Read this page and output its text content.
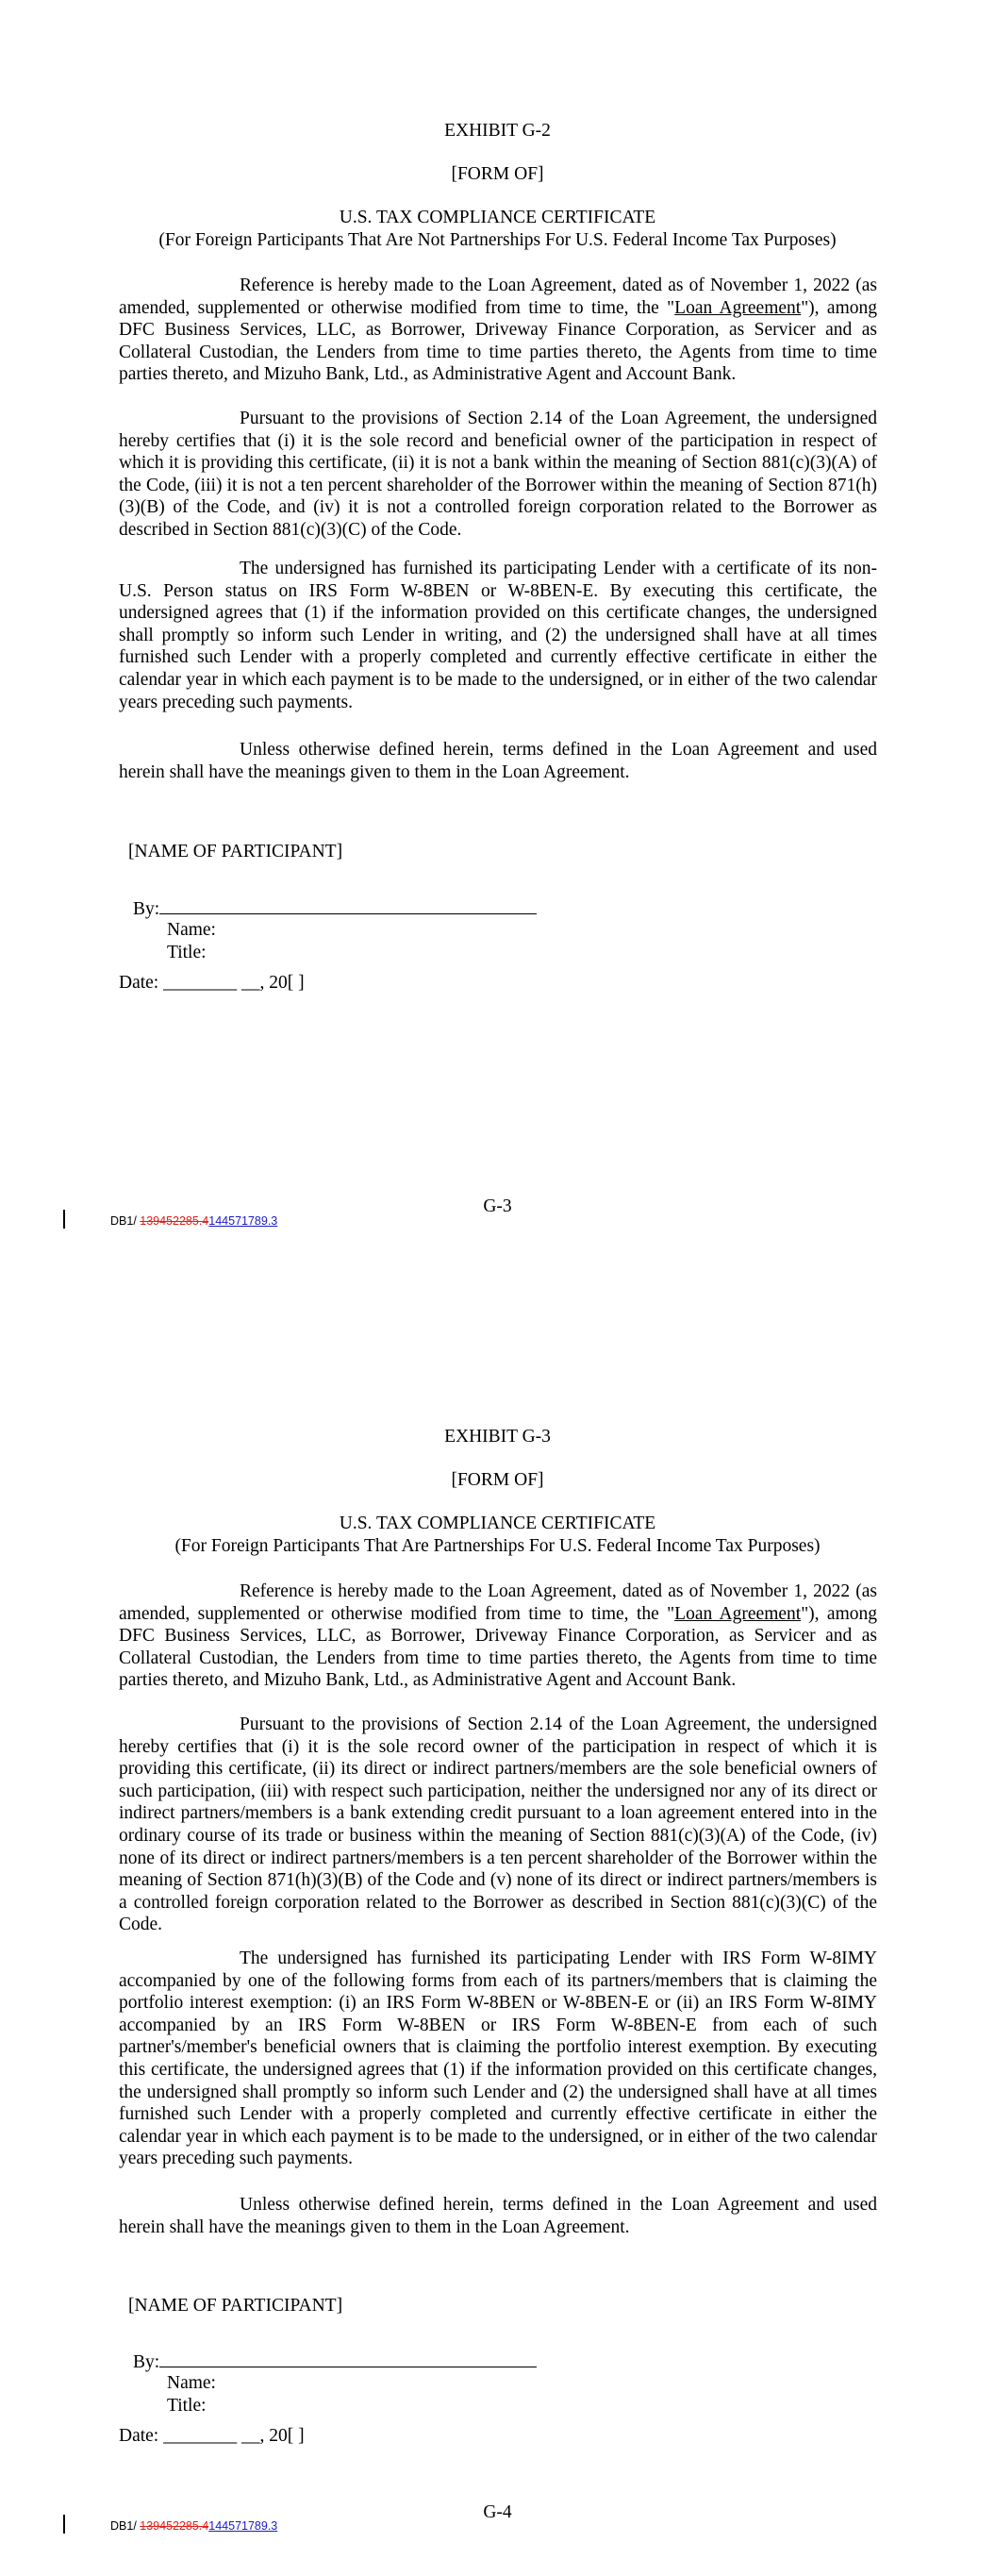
EXHIBIT G-2
[FORM OF]
U.S. TAX COMPLIANCE CERTIFICATE
(For Foreign Participants That Are Not Partnerships For U.S. Federal Income Tax Purposes)

Reference is hereby made to the Loan Agreement, dated as of November 1, 2022 (as amended, supplemented or otherwise modified from time to time, the "Loan Agreement"), among DFC Business Services, LLC, as Borrower, Driveway Finance Corporation, as Servicer and as Collateral Custodian, the Lenders from time to time parties thereto, the Agents from time to time parties thereto, and Mizuho Bank, Ltd., as Administrative Agent and Account Bank.

Pursuant to the provisions of Section 2.14 of the Loan Agreement, the undersigned hereby certifies that (i) it is the sole record and beneficial owner of the participation in respect of which it is providing this certificate, (ii) it is not a bank within the meaning of Section 881(c)(3)(A) of the Code, (iii) it is not a ten percent shareholder of the Borrower within the meaning of Section 871(h)(3)(B) of the Code, and (iv) it is not a controlled foreign corporation related to the Borrower as described in Section 881(c)(3)(C) of the Code.

The undersigned has furnished its participating Lender with a certificate of its non-U.S. Person status on IRS Form W-8BEN or W-8BEN-E. By executing this certificate, the undersigned agrees that (1) if the information provided on this certificate changes, the undersigned shall promptly so inform such Lender in writing, and (2) the undersigned shall have at all times furnished such Lender with a properly completed and currently effective certificate in either the calendar year in which each payment is to be made to the undersigned, or in either of the two calendar years preceding such payments.

Unless otherwise defined herein, terms defined in the Loan Agreement and used herein shall have the meanings given to them in the Loan Agreement.

[NAME OF PARTICIPANT]
By:
Name:
Title:
Date: ________ __, 20[ ]
G-3
DB1/ 139452285.4144571789.3
EXHIBIT G-3
[FORM OF]
U.S. TAX COMPLIANCE CERTIFICATE
(For Foreign Participants That Are Partnerships For U.S. Federal Income Tax Purposes)

Reference is hereby made to the Loan Agreement, dated as of November 1, 2022 (as amended, supplemented or otherwise modified from time to time, the "Loan Agreement"), among DFC Business Services, LLC, as Borrower, Driveway Finance Corporation, as Servicer and as Collateral Custodian, the Lenders from time to time parties thereto, the Agents from time to time parties thereto, and Mizuho Bank, Ltd., as Administrative Agent and Account Bank.

Pursuant to the provisions of Section 2.14 of the Loan Agreement, the undersigned hereby certifies that (i) it is the sole record owner of the participation in respect of which it is providing this certificate, (ii) its direct or indirect partners/members are the sole beneficial owners of such participation, (iii) with respect such participation, neither the undersigned nor any of its direct or indirect partners/members is a bank extending credit pursuant to a loan agreement entered into in the ordinary course of its trade or business within the meaning of Section 881(c)(3)(A) of the Code, (iv) none of its direct or indirect partners/members is a ten percent shareholder of the Borrower within the meaning of Section 871(h)(3)(B) of the Code and (v) none of its direct or indirect partners/members is a controlled foreign corporation related to the Borrower as described in Section 881(c)(3)(C) of the Code.

The undersigned has furnished its participating Lender with IRS Form W-8IMY accompanied by one of the following forms from each of its partners/members that is claiming the portfolio interest exemption: (i) an IRS Form W-8BEN or W-8BEN-E or (ii) an IRS Form W-8IMY accompanied by an IRS Form W-8BEN or IRS Form W-8BEN-E from each of such partner's/member's beneficial owners that is claiming the portfolio interest exemption. By executing this certificate, the undersigned agrees that (1) if the information provided on this certificate changes, the undersigned shall promptly so inform such Lender and (2) the undersigned shall have at all times furnished such Lender with a properly completed and currently effective certificate in either the calendar year in which each payment is to be made to the undersigned, or in either of the two calendar years preceding such payments.

Unless otherwise defined herein, terms defined in the Loan Agreement and used herein shall have the meanings given to them in the Loan Agreement.

[NAME OF PARTICIPANT]
By:
Name:
Title:
Date: ________ __, 20[ ]
G-4
DB1/ 139452285.4144571789.3
